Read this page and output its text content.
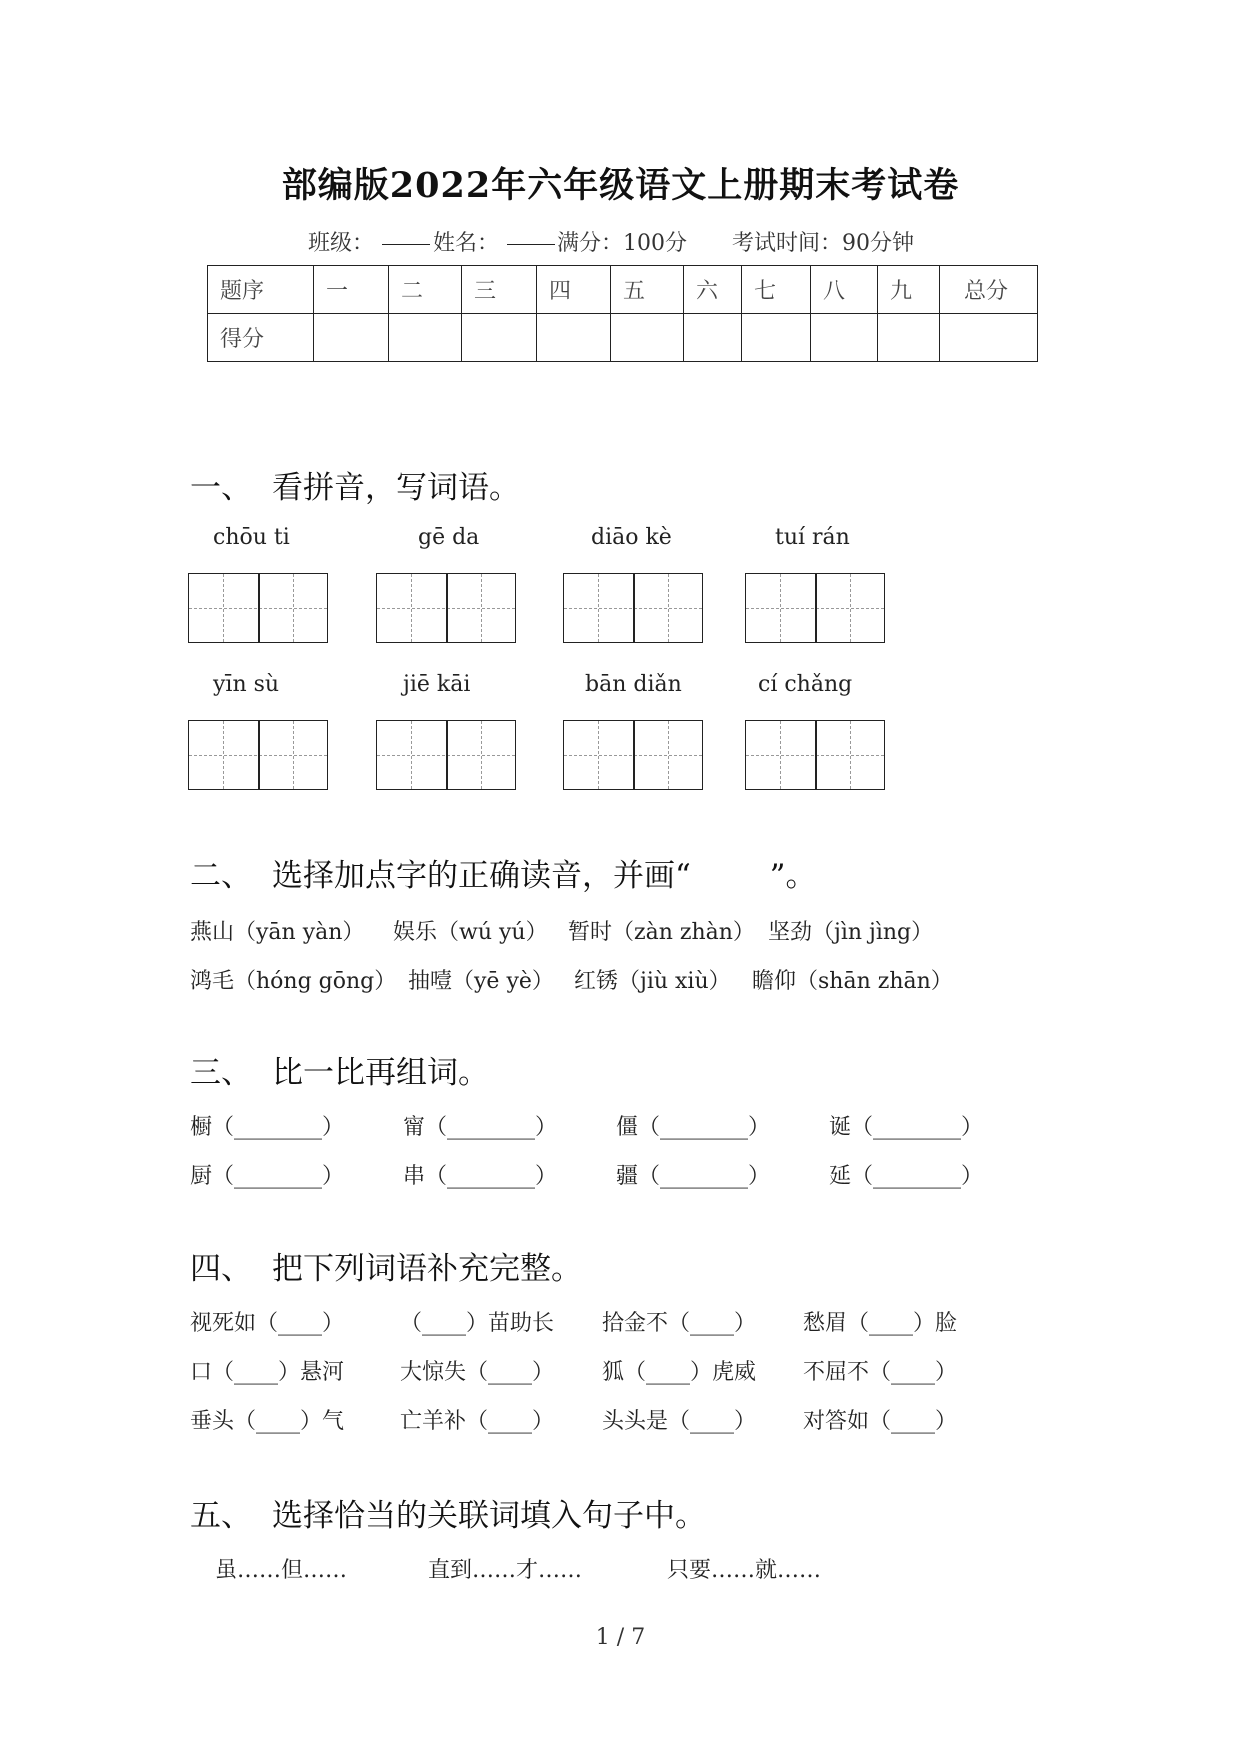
部编版2022年六年级语文上册期末考试卷
班级：	姓名：	满分：100分 考试时间：90分钟
题序	一	二	三	四	五	六	七	八	九	总分
得分										
一、 看拼音，写词语。
chōu ti	gē da	diāo kè	tuí rán
yīn sù	jiē kāi	bān diǎn	cí chǎng
二、 选择加点字的正确读音，并画“        ”。
燕山（yān yàn） 娱乐（wú yú） 暂时（zàn zhàn） 坚劲（jìn jìng）
鸿毛（hóng gōng） 抽噎（yē yè） 红锈（jiù xiù） 瞻仰（shān zhān）
三、 比一比再组词。
橱（________）	甯（________）	僵（________）	诞（________）
厨（________）	串（________）	疆（________）	延（________）
四、 把下列词语补充完整。
视死如（____）	（____）苗助长 拾金不（____） 愁眉（____）脸
口（____）悬河	大惊失（____） 狐（____）虎威 不屈不（____）
垂头（____）气	亡羊补（____） 头头是（____） 对答如（____）
五、 选择恰当的关联词填入句子中。
虽……但……	直到……才……	只要……就……
1 / 7
